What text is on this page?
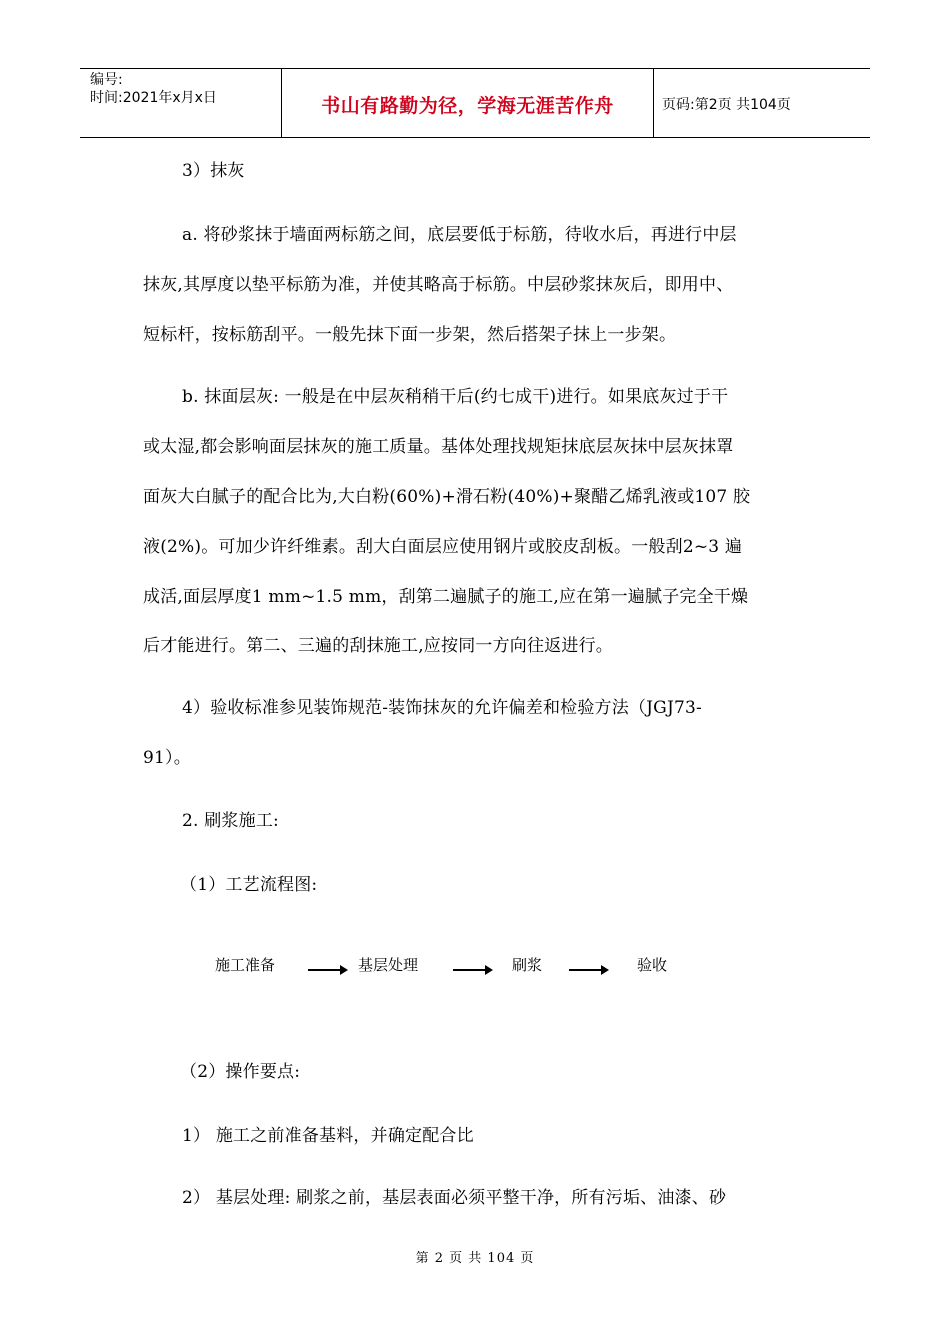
编号:
时间:2021年x月x日	书山有路勤为径，学海无涯苦作舟	页码:第2页 共104页
3）抹灰
a. 将砂浆抹于墙面两标筋之间，底层要低于标筋，待收水后，再进行中层
抹灰,其厚度以垫平标筋为准，并使其略高于标筋。中层砂浆抹灰后，即用中、
短标杆，按标筋刮平。一般先抹下面一步架，然后搭架子抹上一步架。
b. 抹面层灰: 一般是在中层灰稍稍干后(约七成干)进行。如果底灰过于干
或太湿,都会影响面层抹灰的施工质量。基体处理找规矩抹底层灰抹中层灰抹罩
面灰大白腻子的配合比为,大白粉(60%)+滑石粉(40%)+聚醋乙烯乳液或107 胶
液(2%)。可加少许纤维素。刮大白面层应使用钢片或胶皮刮板。一般刮2~3 遍
成活,面层厚度1 mm~1.5 mm，刮第二遍腻子的施工,应在第一遍腻子完全干燥
后才能进行。第二、三遍的刮抹施工,应按同一方向往返进行。
4）验收标准参见装饰规范-装饰抹灰的允许偏差和检验方法（JGJ73-
91）。
2. 刷浆施工:
（1）工艺流程图:
施工准备	基层处理	刷浆	验收
（2）操作要点:
1） 施工之前准备基料，并确定配合比
2） 基层处理: 刷浆之前，基层表面必须平整干净，所有污垢、油漆、砂
第 2 页 共 104 页
